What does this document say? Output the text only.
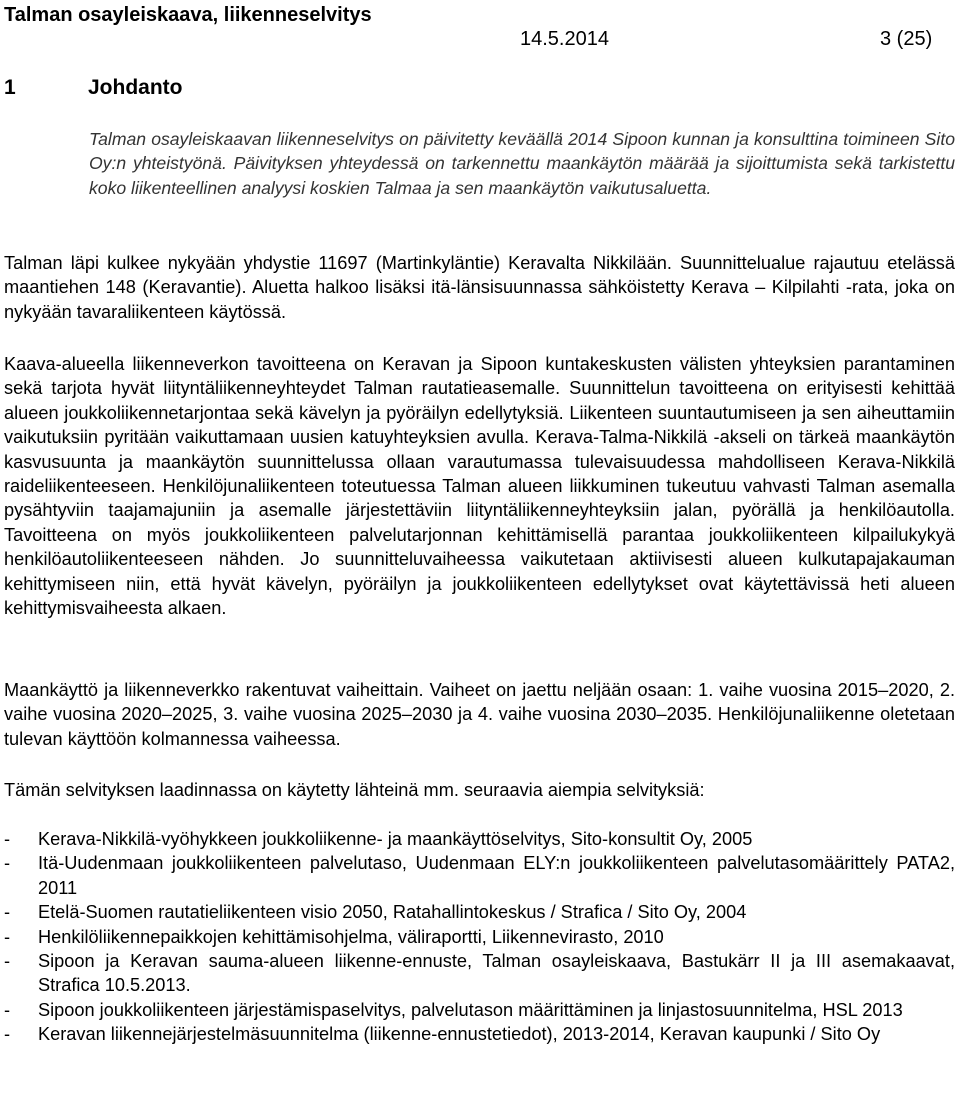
Talman osayleiskaava, liikenneselvitys
14.5.2014	3 (25)
1	Johdanto

Talman osayleiskaavan liikenneselvitys on päivitetty keväällä 2014 Sipoon kunnan ja konsulttina toimineen Sito Oy:n yhteistyönä. Päivityksen yhteydessä on tarkennettu maankäytön määrää ja sijoittumista sekä tarkistettu koko liikenteellinen analyysi koskien Talmaa ja sen maankäytön vaikutusaluetta.

Talman läpi kulkee nykyään yhdystie 11697 (Martinkyläntie) Keravalta Nikkilään. Suunnittelualue rajautuu etelässä maantiehen 148 (Keravantie). Aluetta halkoo lisäksi itä-länsisuunnassa sähköistetty Kerava – Kilpilahti -rata, joka on nykyään tavaraliikenteen käytössä.

Kaava-alueella liikenneverkon tavoitteena on Keravan ja Sipoon kuntakeskusten välisten yhteyksien parantaminen sekä tarjota hyvät liityntäliikenneyhteydet Talman rautatieasemalle. Suunnittelun tavoitteena on erityisesti kehittää alueen joukkoliikennetarjontaa sekä kävelyn ja pyöräilyn edellytyksiä. Liikenteen suuntautumiseen ja sen aiheuttamiin vaikutuksiin pyritään vaikuttamaan uusien katuyhteyksien avulla. Kerava-Talma-Nikkilä -akseli on tärkeä maankäytön kasvusuunta ja maankäytön suunnittelussa ollaan varautumassa tulevaisuudessa mahdolliseen Kerava-Nikkilä raideliikenteeseen. Henkilöjunaliikenteen toteutuessa Talman alueen liikkuminen tukeutuu vahvasti Talman asemalla pysähtyviin taajamajuniin ja asemalle järjestettäviin liityntäliikenneyhteyksiin jalan, pyörällä ja henkilöautolla. Tavoitteena on myös joukkoliikenteen palvelutarjonnan kehittämisellä parantaa joukkoliikenteen kilpailukykyä henkilöautoliikenteeseen nähden. Jo suunnitteluvaiheessa vaikutetaan aktiivisesti alueen kulkutapajakauman kehittymiseen niin, että hyvät kävelyn, pyöräilyn ja joukkoliikenteen edellytykset ovat käytettävissä heti alueen kehittymisvaiheesta alkaen.

Maankäyttö ja liikenneverkko rakentuvat vaiheittain. Vaiheet on jaettu neljään osaan: 1. vaihe vuosina 2015–2020, 2. vaihe vuosina 2020–2025, 3. vaihe vuosina 2025–2030 ja 4. vaihe vuosina 2030–2035. Henkilöjunaliikenne oletetaan tulevan käyttöön kolmannessa vaiheessa.

Tämän selvityksen laadinnassa on käytetty lähteinä mm. seuraavia aiempia selvityksiä:

- Kerava-Nikkilä-vyöhykkeen joukkoliikenne- ja maankäyttöselvitys, Sito-konsultit Oy, 2005
- Itä-Uudenmaan joukkoliikenteen palvelutaso, Uudenmaan ELY:n joukkoliikenteen palvelutasomäärittely PATA2, 2011
- Etelä-Suomen rautatieliikenteen visio 2050, Ratahallintokeskus / Strafica / Sito Oy, 2004
- Henkilöliikennepaikkojen kehittämisohjelma, väliraportti, Liikennevirasto, 2010
- Sipoon ja Keravan sauma-alueen liikenne-ennuste, Talman osayleiskaava, Bastukärr II ja III asemakaavat, Strafica 10.5.2013.
- Sipoon joukkoliikenteen järjestämispaselvitys, palvelutason määrittäminen ja linjastosuunnitelma, HSL 2013
- Keravan liikennejärjestelmäsuunnitelma (liikenne-ennustetiedot), 2013-2014, Keravan kaupunki / Sito Oy
